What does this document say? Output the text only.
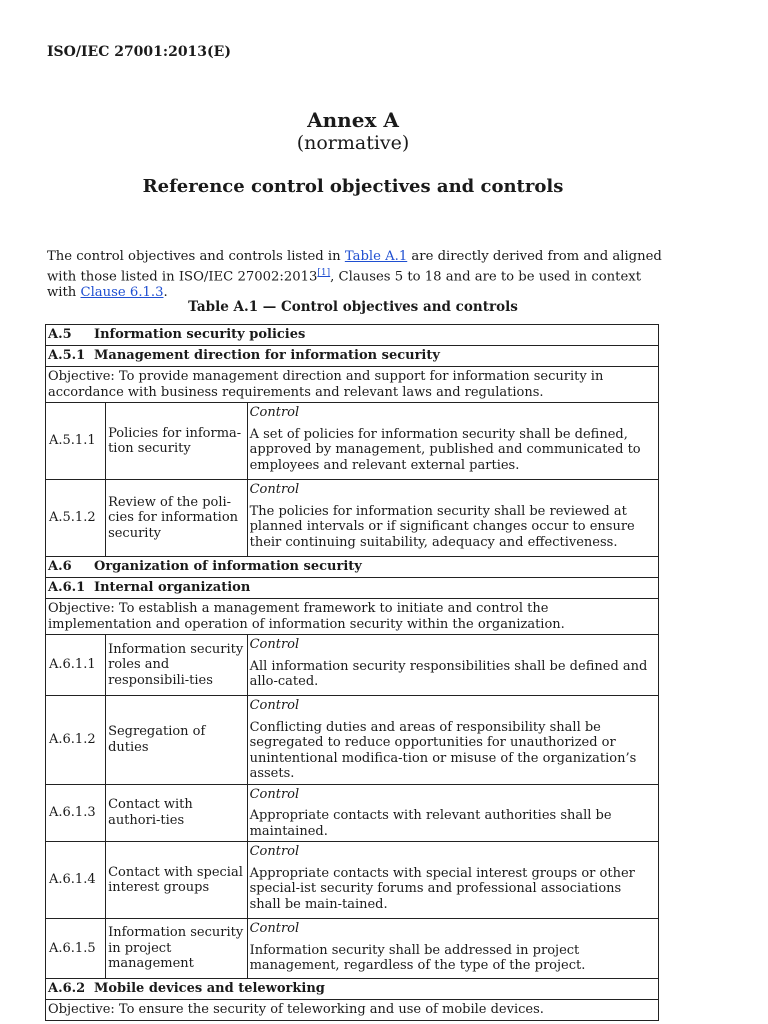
ISO/IEC 27001:2013(E)
Annex A
(normative)
Reference control objectives and controls
The control objectives and controls listed in Table A.1 are directly derived from and aligned with those listed in ISO/IEC 27002:2013[1], Clauses 5 to 18 and are to be used in context with Clause 6.1.3.
Table A.1 — Control objectives and controls
A.5 Information security policies		
A.5.1 Management direction for information security		
Objective: To provide management direction and support for information security in accordance with business requirements and relevant laws and regulations.		
A.5.1.1	Policies for informa-tion security	Control
A set of policies for information security shall be defined, approved by management, published and communicated to employees and relevant external parties.

A.5.1.2	Review of the poli-cies for information security	Control
The policies for information security shall be reviewed at planned intervals or if significant changes occur to ensure their continuing suitability, adequacy and effectiveness.

A.6 Organization of information security		
A.6.1 Internal organization		
Objective: To establish a management framework to initiate and control the implementation and operation of information security within the organization.		
A.6.1.1	Information security roles and responsibili-ties	Control
All information security responsibilities shall be defined and allo-cated.

A.6.1.2	Segregation of duties	Control
Conflicting duties and areas of responsibility shall be segregated to reduce opportunities for unauthorized or unintentional modifica-tion or misuse of the organization’s assets.

A.6.1.3	Contact with authori-ties	Control
Appropriate contacts with relevant authorities shall be maintained.

A.6.1.4	Contact with special interest groups	Control
Appropriate contacts with special interest groups or other special-ist security forums and professional associations shall be main-tained.

A.6.1.5	Information security in project management	Control
Information security shall be addressed in project management, regardless of the type of the project.

A.6.2 Mobile devices and teleworking		
Objective: To ensure the security of teleworking and use of mobile devices.		
